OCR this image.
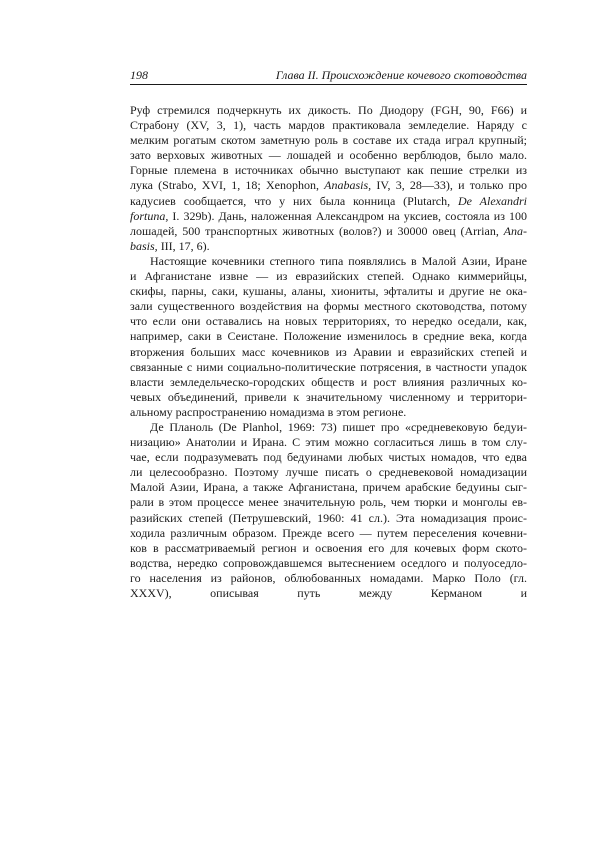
198	Глава II. Происхождение кочевого скотоводства
Руф стремился подчеркнуть их дикость. По Диодору (FGH, 90, F66) и
Страбону (XV, 3, 1), часть мардов практиковала земледелие. Наряду с
мелким рогатым скотом заметную роль в составе их стада играл крупный;
зато верховых животных — лошадей и особенно верблюдов, было мало.
Горные племена в источниках обычно выступают как пешие стрелки из
лука (Strabo, XVI, 1, 18; Xenophon, Anabasis, IV, 3, 28—33), и только про
кадусиев сообщается, что у них была конница (Plutarch, De Alexandri
fortuna, I. 329b). Дань, наложенная Александром на уксиев, состояла из 100
лошадей, 500 транспортных животных (волов?) и 30000 овец (Arrian, Ana-
basis, III, 17, 6).
Настоящие кочевники степного типа появлялись в Малой Азии, Иране
и Афганистане извне — из евразийских степей. Однако киммерийцы,
скифы, парны, саки, кушаны, аланы, хиониты, эфталиты и другие не ока-
зали существенного воздействия на формы местного скотоводства, потому
что если они оставались на новых территориях, то нередко оседали, как,
например, саки в Сеистане. Положение изменилось в средние века, когда
вторжения больших масс кочевников из Аравии и евразийских степей и
связанные с ними социально-политические потрясения, в частности упадок
власти земледельческо-городских обществ и рост влияния различных ко-
чевых объединений, привели к значительному численному и территори-
альному распространению номадизма в этом регионе.
Де Планоль (De Planhol, 1969: 73) пишет про «средневековую бедуи-
низацию» Анатолии и Ирана. С этим можно согласиться лишь в том слу-
чае, если подразумевать под бедуинами любых чистых номадов, что едва
ли целесообразно. Поэтому лучше писать о средневековой номадизации
Малой Азии, Ирана, а также Афганистана, причем арабские бедуины сыг-
рали в этом процессе менее значительную роль, чем тюрки и монголы ев-
разийских степей (Петрушевский, 1960: 41 сл.). Эта номадизация проис-
ходила различным образом. Прежде всего — путем переселения кочевни-
ков в рассматриваемый регион и освоения его для кочевых форм ското-
водства, нередко сопровождавшемся вытеснением оседлого и полуоседло-
го населения из районов, облюбованных номадами. Марко Поло (гл.
XXXV), описывая путь между Керманом и
